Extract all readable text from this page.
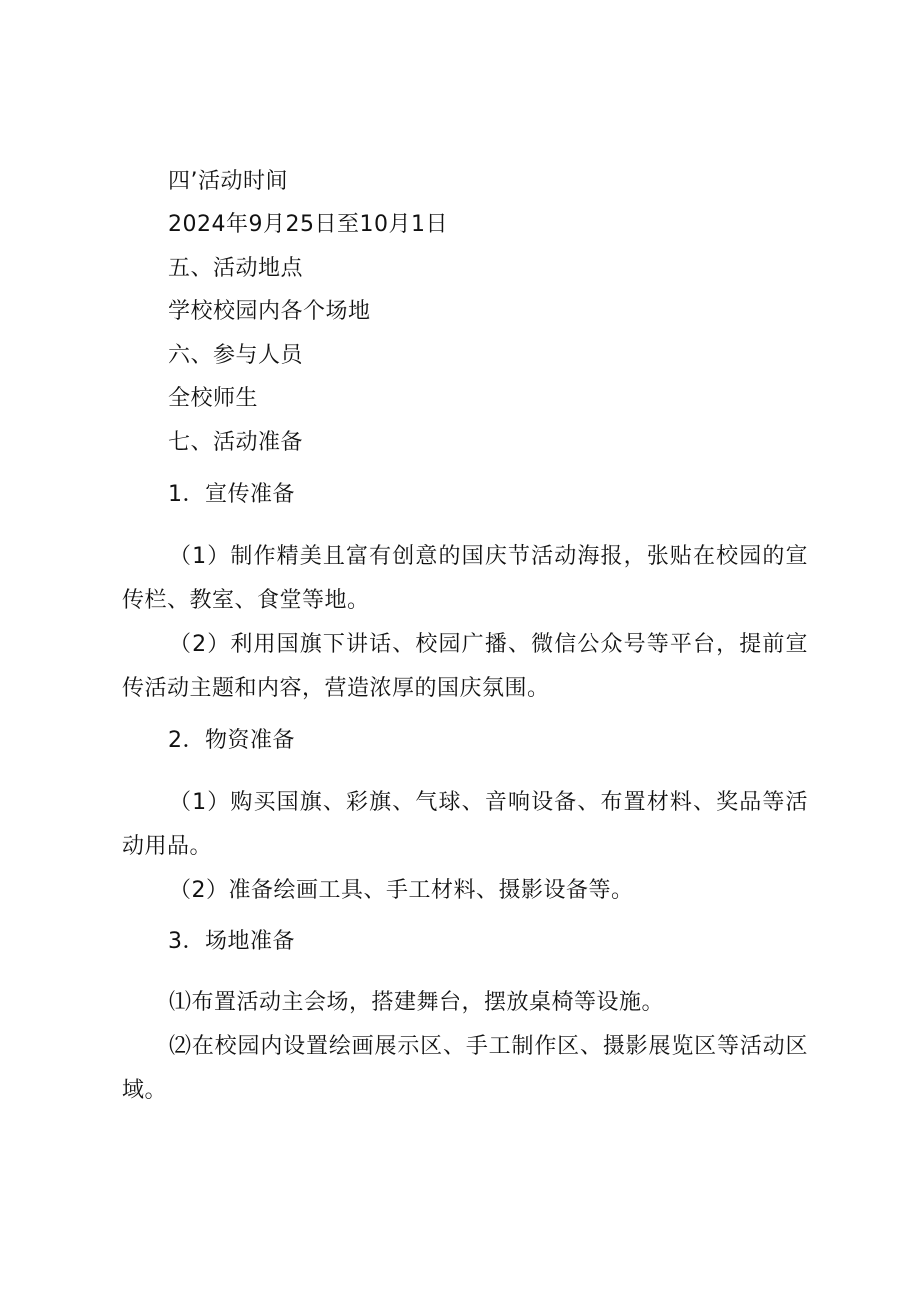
四’活动时间
2024年9月25日至10月1日
五、活动地点
学校校园内各个场地
六、参与人员
全校师生
七、活动准备
1．宣传准备
（1）制作精美且富有创意的国庆节活动海报，张贴在校园的宣传栏、教室、食堂等地。
（2）利用国旗下讲话、校园广播、微信公众号等平台，提前宣传活动主题和内容，营造浓厚的国庆氛围。
2．物资准备
（1）购买国旗、彩旗、气球、音响设备、布置材料、奖品等活动用品。
（2）准备绘画工具、手工材料、摄影设备等。
3．场地准备
⑴布置活动主会场，搭建舞台，摆放桌椅等设施。
⑵在校园内设置绘画展示区、手工制作区、摄影展览区等活动区域。
